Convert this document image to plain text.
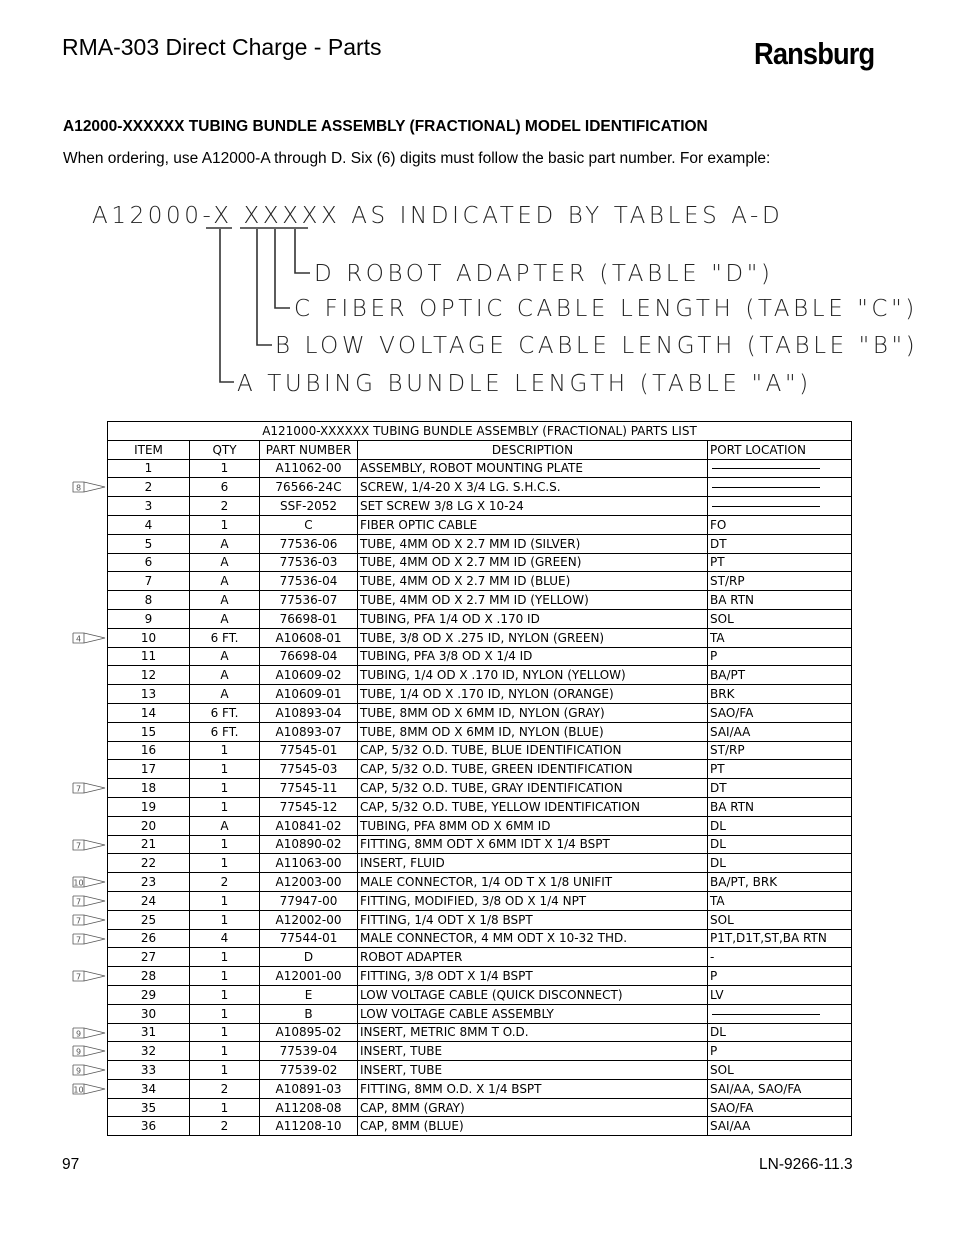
RMA-303 Direct Charge - Parts	Ransburg
A12000-XXXXXX TUBING BUNDLE ASSEMBLY (FRACTIONAL) MODEL IDENTIFICATION
When ordering, use A12000-A through D. Six (6) digits must follow the basic part number. For example:
A12000-X XXXXX AS INDICATED BY TABLES A-D
D ROBOT ADAPTER (TABLE "D")
C FIBER OPTIC CABLE LENGTH (TABLE "C")
B LOW VOLTAGE CABLE LENGTH (TABLE "B")
A TUBING BUNDLE LENGTH (TABLE "A")
A121000-XXXXXX TUBING BUNDLE ASSEMBLY (FRACTIONAL) PARTS LIST				
ITEM	QTY	PART NUMBER	DESCRIPTION	PORT LOCATION
1	1	A11062-00	ASSEMBLY, ROBOT MOUNTING PLATE	
2	6	76566-24C	SCREW, 1/4-20 X 3/4 LG. S.H.C.S.	
3	2	SSF-2052	SET SCREW 3/8 LG X 10-24	
4	1	C	FIBER OPTIC CABLE	FO
5	A	77536-06	TUBE, 4MM OD X 2.7 MM ID (SILVER)	DT
6	A	77536-03	TUBE, 4MM OD X 2.7 MM ID (GREEN)	PT
7	A	77536-04	TUBE, 4MM OD X 2.7 MM ID (BLUE)	ST/RP
8	A	77536-07	TUBE, 4MM OD X 2.7 MM ID (YELLOW)	BA RTN
9	A	76698-01	TUBING, PFA 1/4 OD X .170 ID	SOL
10	6 FT.	A10608-01	TUBE, 3/8 OD X .275 ID, NYLON (GREEN)	TA
11	A	76698-04	TUBING, PFA 3/8 OD X 1/4 ID	P
12	A	A10609-02	TUBING, 1/4 OD X .170 ID, NYLON (YELLOW)	BA/PT
13	A	A10609-01	TUBE, 1/4 OD X .170 ID, NYLON (ORANGE)	BRK
14	6 FT.	A10893-04	TUBE, 8MM OD X 6MM ID, NYLON (GRAY)	SAO/FA
15	6 FT.	A10893-07	TUBE, 8MM OD X 6MM ID, NYLON (BLUE)	SAI/AA
16	1	77545-01	CAP, 5/32 O.D. TUBE, BLUE IDENTIFICATION	ST/RP
17	1	77545-03	CAP, 5/32 O.D. TUBE, GREEN IDENTIFICATION	PT
18	1	77545-11	CAP, 5/32 O.D. TUBE, GRAY IDENTIFICATION	DT
19	1	77545-12	CAP, 5/32 O.D. TUBE, YELLOW IDENTIFICATION	BA RTN
20	A	A10841-02	TUBING, PFA 8MM OD X 6MM ID	DL
21	1	A10890-02	FITTING, 8MM ODT X 6MM IDT X 1/4 BSPT	DL
22	1	A11063-00	INSERT, FLUID	DL
23	2	A12003-00	MALE CONNECTOR, 1/4 OD T X 1/8 UNIFIT	BA/PT, BRK
24	1	77947-00	FITTING, MODIFIED, 3/8 OD X 1/4 NPT	TA
25	1	A12002-00	FITTING, 1/4 ODT X 1/8 BSPT	SOL
26	4	77544-01	MALE CONNECTOR, 4 MM ODT X 10-32 THD.	P1T,D1T,ST,BA RTN
27	1	D	ROBOT ADAPTER	-
28	1	A12001-00	FITTING, 3/8 ODT X 1/4 BSPT	P
29	1	E	LOW VOLTAGE CABLE (QUICK DISCONNECT)	LV
30	1	B	LOW VOLTAGE CABLE ASSEMBLY	
31	1	A10895-02	INSERT, METRIC 8MM T O.D.	DL
32	1	77539-04	INSERT, TUBE	P
33	1	77539-02	INSERT, TUBE	SOL
34	2	A10891-03	FITTING, 8MM O.D. X 1/4 BSPT	SAI/AA, SAO/FA
35	1	A11208-08	CAP, 8MM (GRAY)	SAO/FA
36	2	A11208-10	CAP, 8MM (BLUE)	SAI/AA
8
4
7
7
10
7
7
7
7
9
9
9
10
97	LN-9266-11.3
